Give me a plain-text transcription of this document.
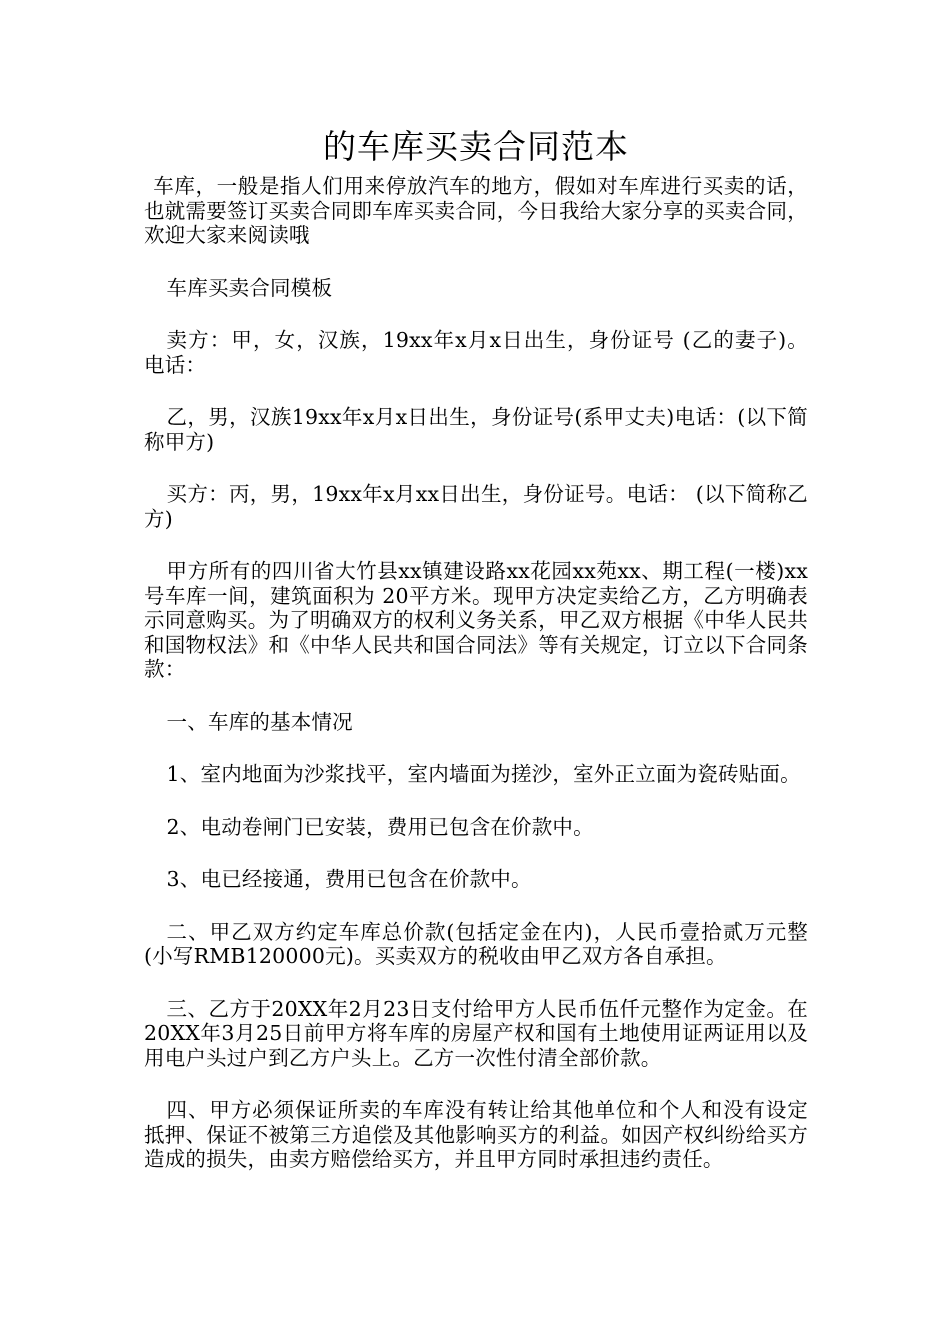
的车库买卖合同范本

车库，一般是指人们用来停放汽车的地方，假如对车库进行买卖的话，也就需要签订买卖合同即车库买卖合同，今日我给大家分享的买卖合同，欢迎大家来阅读哦

车库买卖合同模板

卖方：甲，女，汉族，19xx年x月x日出生，身份证号 (乙的妻子)。 电话：

乙，男，汉族19xx年x月x日出生，身份证号(系甲丈夫)电话：(以下简称甲方)

买方：丙，男，19xx年x月xx日出生，身份证号。电话： (以下简称乙方)

甲方所有的四川省大竹县xx镇建设路xx花园xx苑xx、期工程(一楼)xx号车库一间，建筑面积为 20平方米。现甲方决定卖给乙方，乙方明确表示同意购买。为了明确双方的权利义务关系，甲乙双方根据《中华人民共和国物权法》和《中华人民共和国合同法》等有关规定，订立以下合同条款：

一、车库的基本情况

1、室内地面为沙浆找平，室内墙面为搓沙，室外正立面为瓷砖贴面。

2、电动卷闸门已安装，费用已包含在价款中。

3、电已经接通，费用已包含在价款中。

二、甲乙双方约定车库总价款(包括定金在内)，人民币壹拾贰万元整(小写RMB120000元)。买卖双方的税收由甲乙双方各自承担。

三、乙方于20XX年2月23日支付给甲方人民币伍仟元整作为定金。在20XX年3月25日前甲方将车库的房屋产权和国有土地使用证两证用以及用电户头过户到乙方户头上。乙方一次性付清全部价款。

四、甲方必须保证所卖的车库没有转让给其他单位和个人和没有设定抵押、保证不被第三方追偿及其他影响买方的利益。如因产权纠纷给买方造成的损失，由卖方赔偿给买方，并且甲方同时承担违约责任。
